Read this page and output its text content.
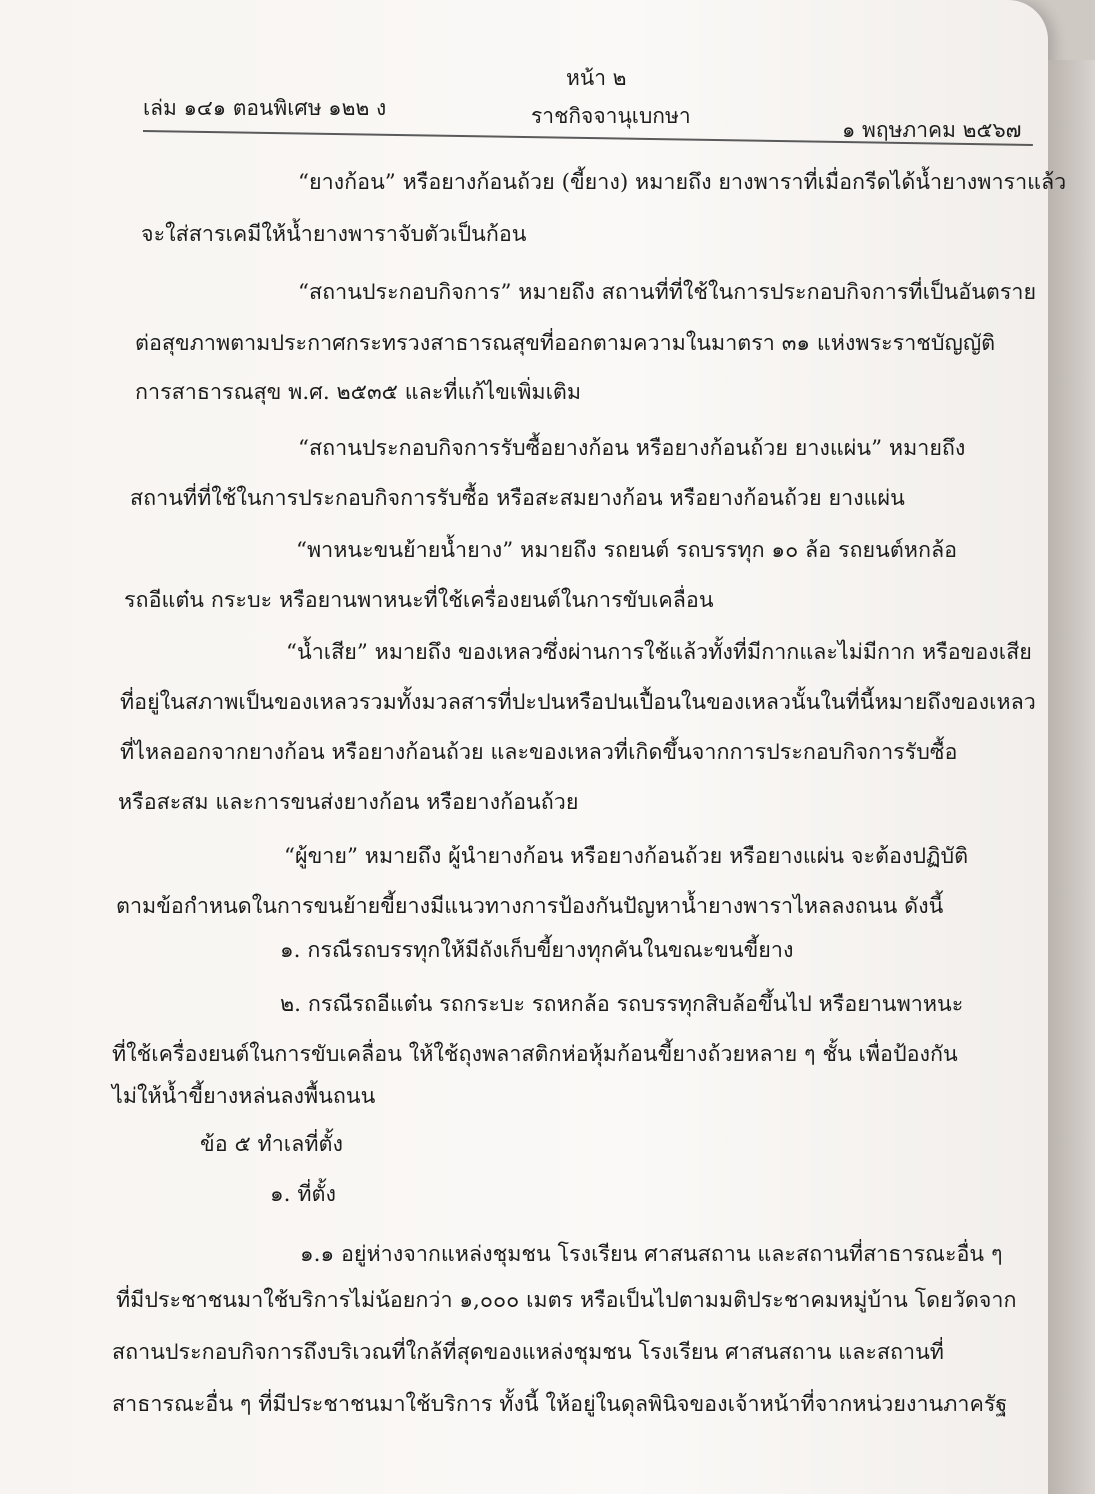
หน้า ๒
เล่ม ๑๔๑ ตอนพิเศษ ๑๒๒ ง	ราชกิจจานุเบกษา
๑ พฤษภาคม ๒๕๖๗
“ยางก้อน” หรือยางก้อนถ้วย (ขี้ยาง) หมายถึง ยางพาราที่เมื่อกรีดได้น้ำยางพาราแล้ว
จะใส่สารเคมีให้น้ำยางพาราจับตัวเป็นก้อน
“สถานประกอบกิจการ” หมายถึง สถานที่ที่ใช้ในการประกอบกิจการที่เป็นอันตราย
ต่อสุขภาพตามประกาศกระทรวงสาธารณสุขที่ออกตามความในมาตรา ๓๑ แห่งพระราชบัญญัติ
การสาธารณสุข พ.ศ. ๒๕๓๕ และที่แก้ไขเพิ่มเติม
“สถานประกอบกิจการรับซื้อยางก้อน หรือยางก้อนถ้วย ยางแผ่น” หมายถึง
สถานที่ที่ใช้ในการประกอบกิจการรับซื้อ หรือสะสมยางก้อน หรือยางก้อนถ้วย ยางแผ่น
“พาหนะขนย้ายน้ำยาง” หมายถึง รถยนต์ รถบรรทุก ๑๐ ล้อ รถยนต์หกล้อ
รถอีแต๋น กระบะ หรือยานพาหนะที่ใช้เครื่องยนต์ในการขับเคลื่อน
“น้ำเสีย” หมายถึง ของเหลวซึ่งผ่านการใช้แล้วทั้งที่มีกากและไม่มีกาก หรือของเสีย
ที่อยู่ในสภาพเป็นของเหลวรวมทั้งมวลสารที่ปะปนหรือปนเปื้อนในของเหลวนั้นในที่นี้หมายถึงของเหลว
ที่ไหลออกจากยางก้อน หรือยางก้อนถ้วย และของเหลวที่เกิดขึ้นจากการประกอบกิจการรับซื้อ
หรือสะสม และการขนส่งยางก้อน หรือยางก้อนถ้วย
“ผู้ขาย” หมายถึง ผู้นำยางก้อน หรือยางก้อนถ้วย หรือยางแผ่น จะต้องปฏิบัติ
ตามข้อกำหนดในการขนย้ายขี้ยางมีแนวทางการป้องกันปัญหาน้ำยางพาราไหลลงถนน ดังนี้
๑. กรณีรถบรรทุกให้มีถังเก็บขี้ยางทุกคันในขณะขนขี้ยาง
๒. กรณีรถอีแต๋น รถกระบะ รถหกล้อ รถบรรทุกสิบล้อขึ้นไป หรือยานพาหนะ
ที่ใช้เครื่องยนต์ในการขับเคลื่อน ให้ใช้ถุงพลาสติกห่อหุ้มก้อนขี้ยางถ้วยหลาย ๆ ชั้น เพื่อป้องกัน
ไม่ให้น้ำขี้ยางหล่นลงพื้นถนน
ข้อ ๕ ทำเลที่ตั้ง
๑. ที่ตั้ง
๑.๑ อยู่ห่างจากแหล่งชุมชน โรงเรียน ศาสนสถาน และสถานที่สาธารณะอื่น ๆ
ที่มีประชาชนมาใช้บริการไม่น้อยกว่า ๑,๐๐๐ เมตร หรือเป็นไปตามมติประชาคมหมู่บ้าน โดยวัดจาก
สถานประกอบกิจการถึงบริเวณที่ใกล้ที่สุดของแหล่งชุมชน โรงเรียน ศาสนสถาน และสถานที่
สาธารณะอื่น ๆ ที่มีประชาชนมาใช้บริการ ทั้งนี้ ให้อยู่ในดุลพินิจของเจ้าหน้าที่จากหน่วยงานภาครัฐ
